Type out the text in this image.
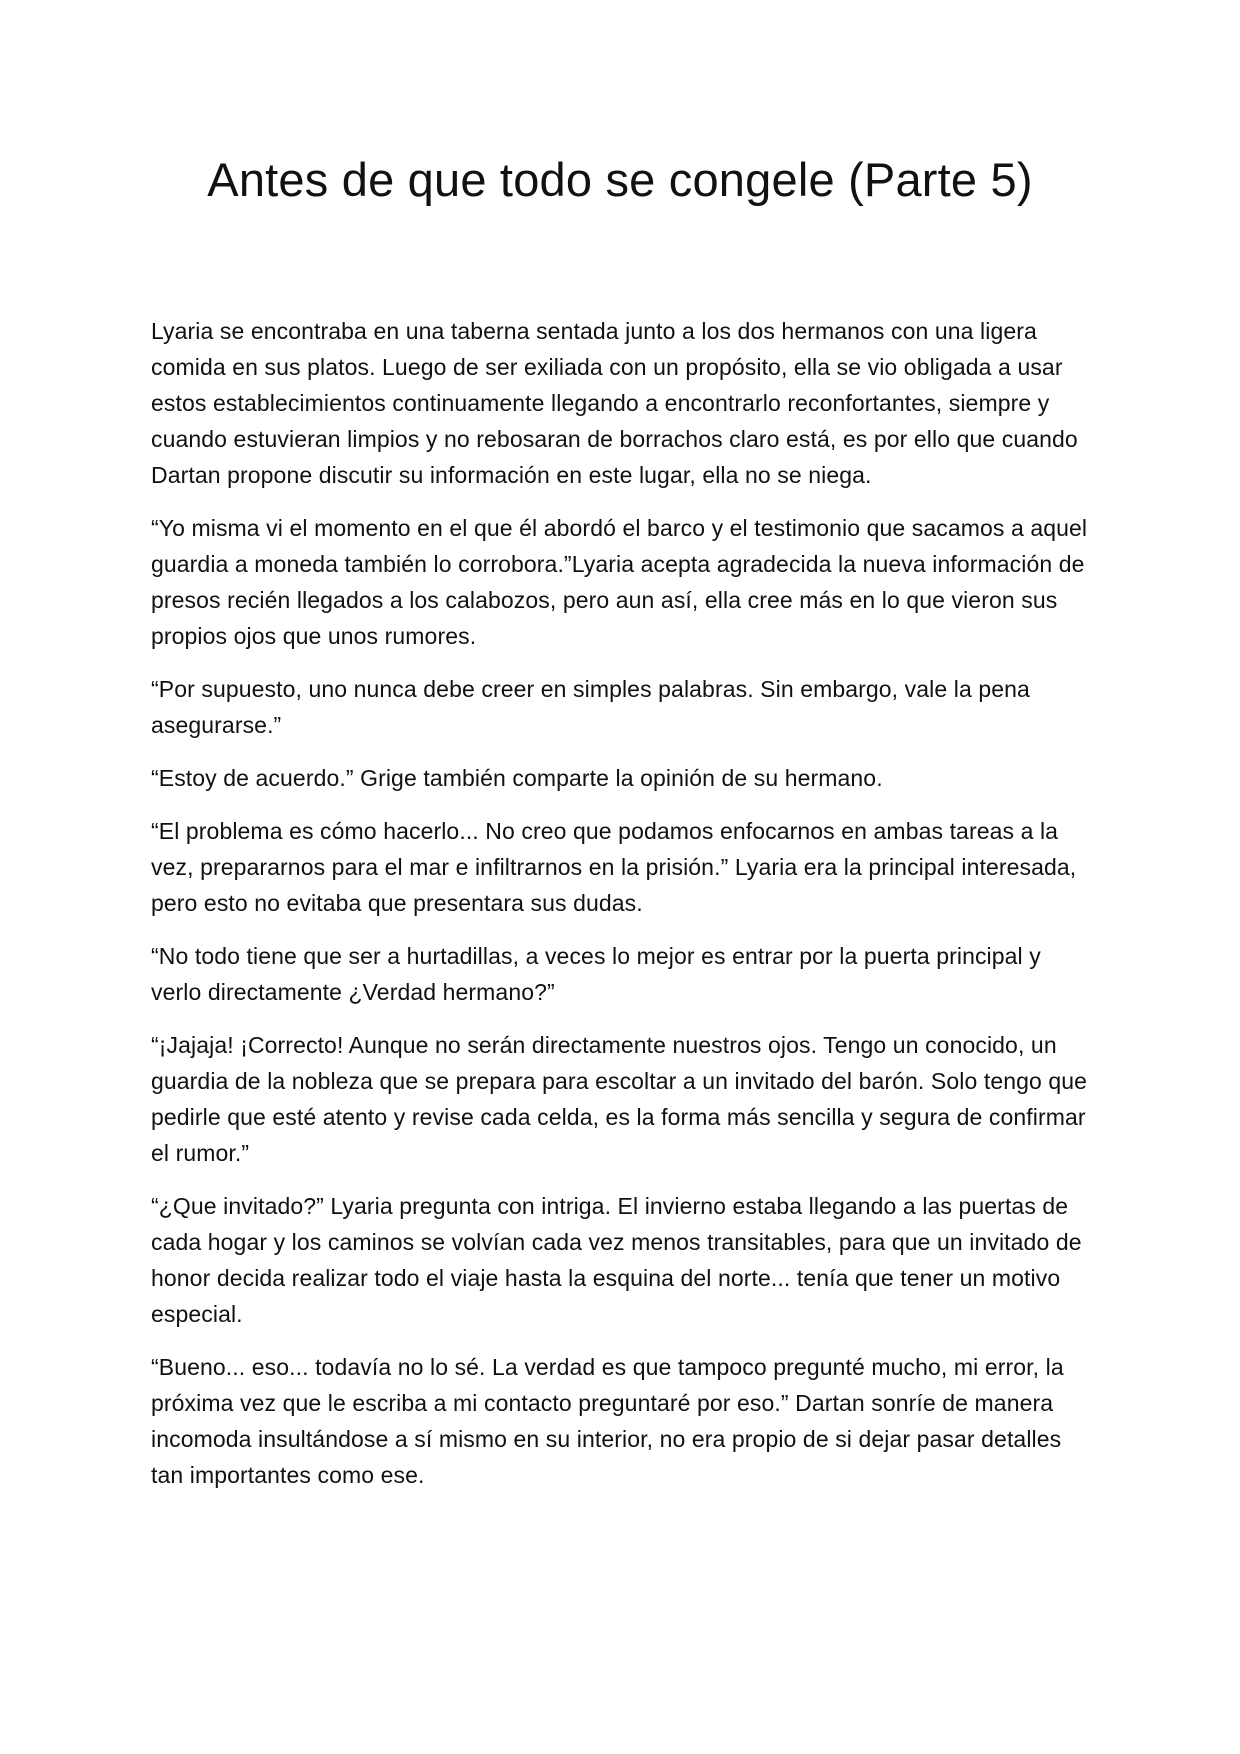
Antes de que todo se congele (Parte 5)

Lyaria se encontraba en una taberna sentada junto a los dos hermanos con una ligera comida en sus platos. Luego de ser exiliada con un propósito, ella se vio obligada a usar estos establecimientos continuamente llegando a encontrarlo reconfortantes, siempre y cuando estuvieran limpios y no rebosaran de borrachos claro está, es por ello que cuando Dartan propone discutir su información en este lugar, ella no se niega.

“Yo misma vi el momento en el que él abordó el barco y el testimonio que sacamos a aquel guardia a moneda también lo corrobora.”Lyaria acepta agradecida la nueva información de presos recién llegados a los calabozos, pero aun así, ella cree más en lo que vieron sus propios ojos que unos rumores.

“Por supuesto, uno nunca debe creer en simples palabras. Sin embargo, vale la pena asegurarse.”

“Estoy de acuerdo.” Grige también comparte la opinión de su hermano.

“El problema es cómo hacerlo... No creo que podamos enfocarnos en ambas tareas a la vez, prepararnos para el mar e infiltrarnos en la prisión.” Lyaria era la principal interesada, pero esto no evitaba que presentara sus dudas.

“No todo tiene que ser a hurtadillas, a veces lo mejor es entrar por la puerta principal y verlo directamente ¿Verdad hermano?”

“¡Jajaja! ¡Correcto! Aunque no serán directamente nuestros ojos. Tengo un conocido, un guardia de la nobleza que se prepara para escoltar a un invitado del barón. Solo tengo que pedirle que esté atento y revise cada celda, es la forma más sencilla y segura de confirmar el rumor.”

“¿Que invitado?” Lyaria pregunta con intriga. El invierno estaba llegando a las puertas de cada hogar y los caminos se volvían cada vez menos transitables, para que un invitado de honor decida realizar todo el viaje hasta la esquina del norte... tenía que tener un motivo especial.

“Bueno... eso... todavía no lo sé. La verdad es que tampoco pregunté mucho, mi error, la próxima vez que le escriba a mi contacto preguntaré por eso.” Dartan sonríe de manera incomoda insultándose a sí mismo en su interior, no era propio de si dejar pasar detalles tan importantes como ese.
